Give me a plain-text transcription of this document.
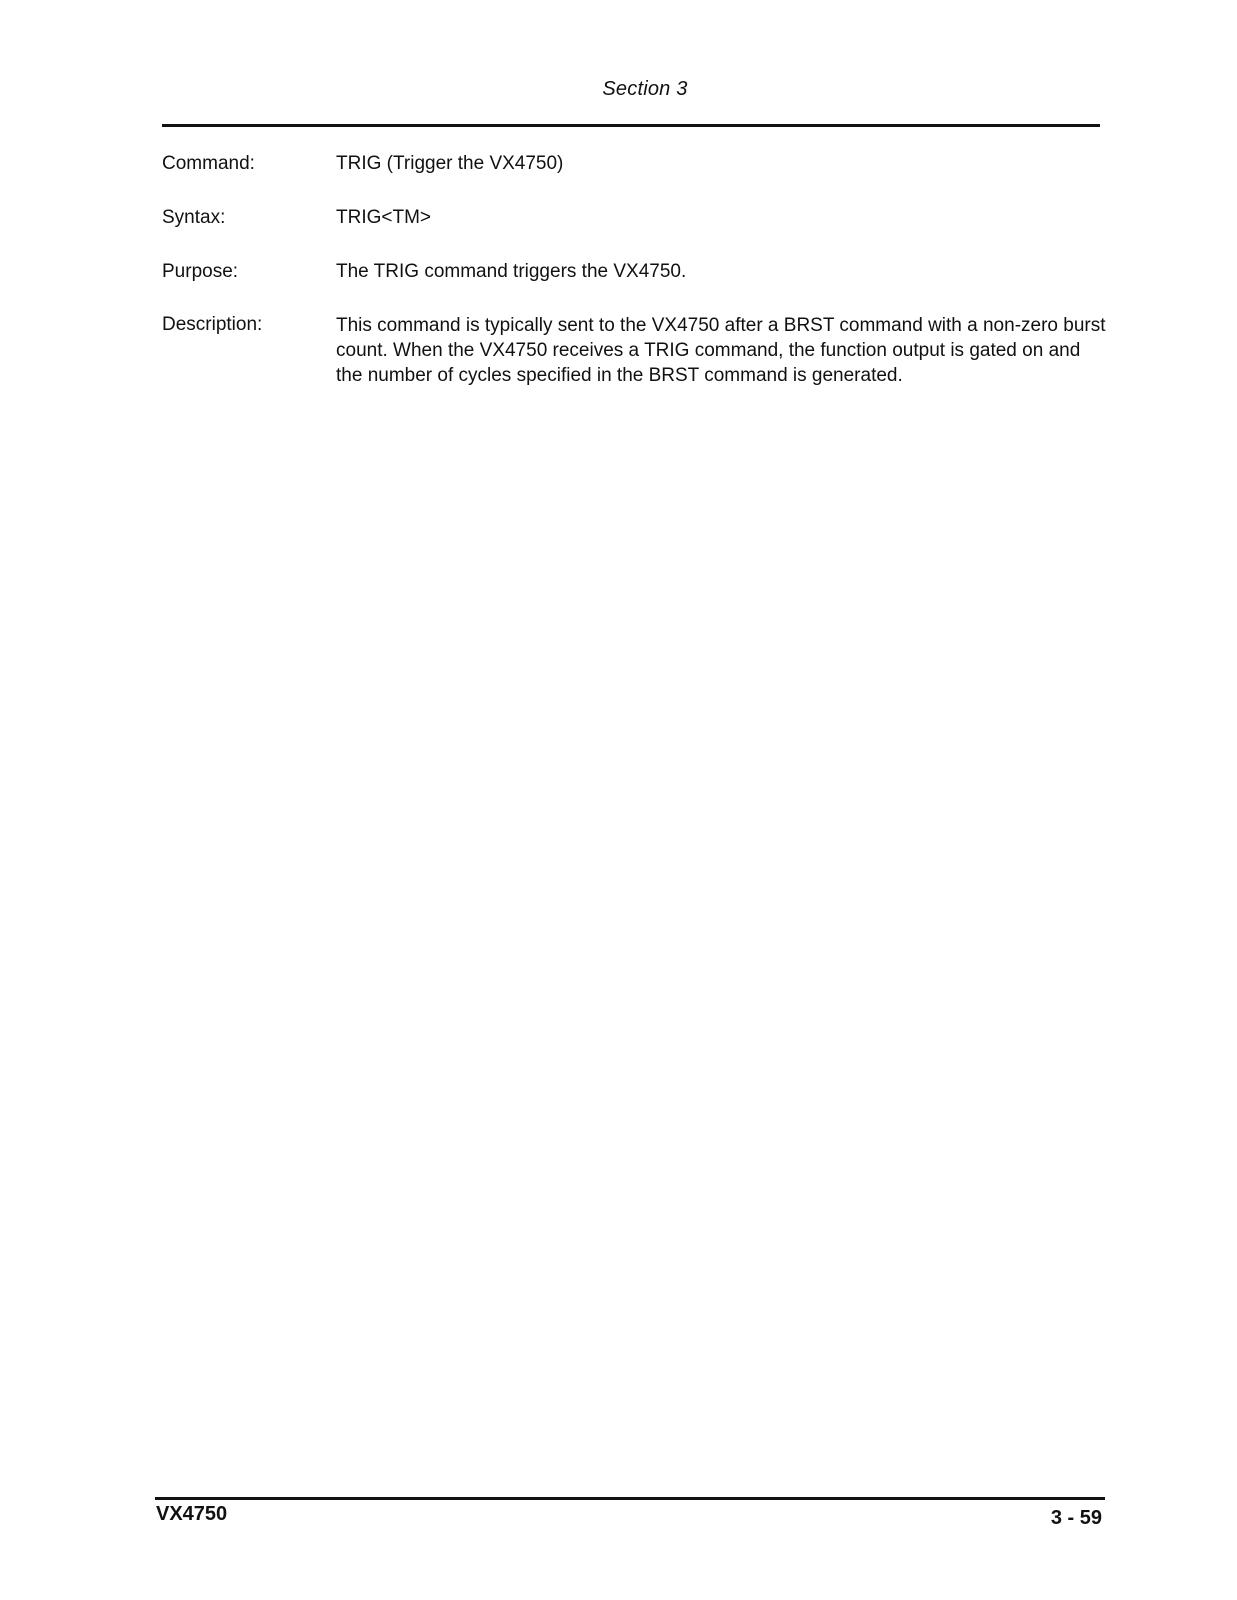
Section 3
Command:	TRIG (Trigger the VX4750)
Syntax:	TRIG<TM>
Purpose:	The TRIG command triggers the VX4750.
Description:	This command is typically sent to the VX4750 after a BRST command with a non-zero burst count. When the VX4750 receives a TRIG command, the function output is gated on and the number of cycles specified in the BRST command is generated.
VX4750	3 - 59
